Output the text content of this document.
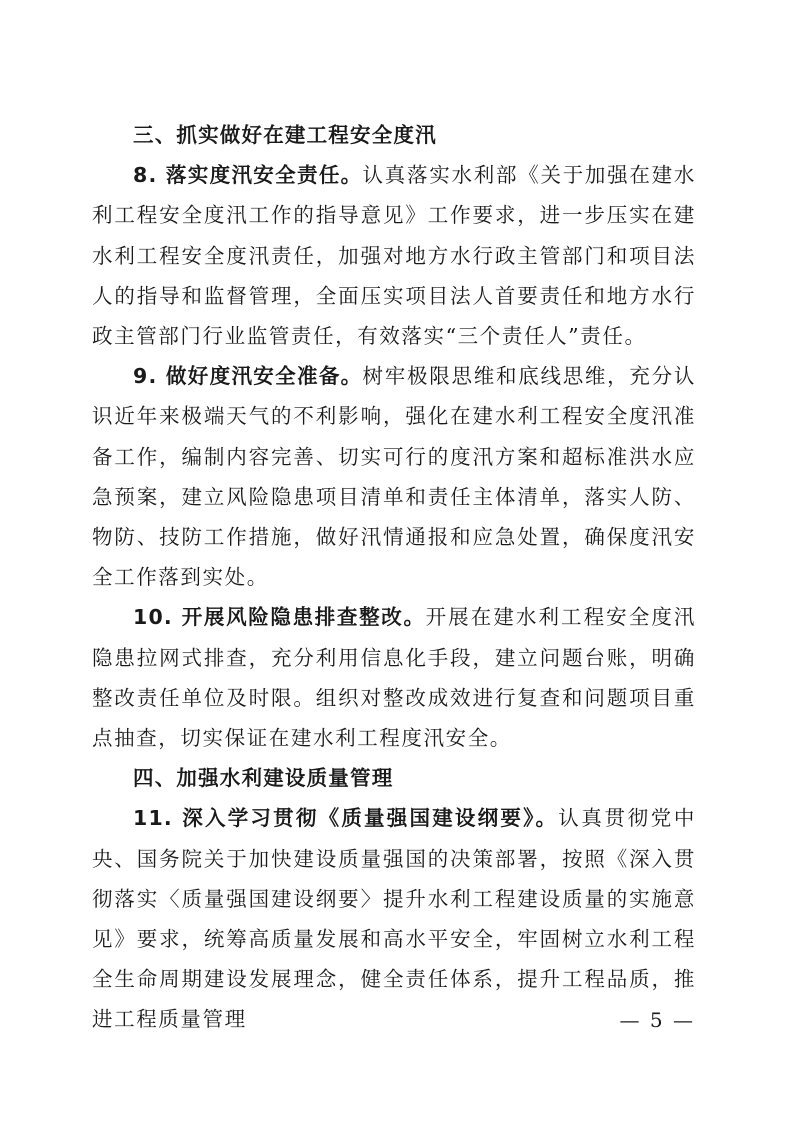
三、抓实做好在建工程安全度汛

8. 落实度汛安全责任。认真落实水利部《关于加强在建水利工程安全度汛工作的指导意见》工作要求，进一步压实在建水利工程安全度汛责任，加强对地方水行政主管部门和项目法人的指导和监督管理，全面压实项目法人首要责任和地方水行政主管部门行业监管责任，有效落实“三个责任人”责任。

9. 做好度汛安全准备。树牢极限思维和底线思维，充分认识近年来极端天气的不利影响，强化在建水利工程安全度汛准备工作，编制内容完善、切实可行的度汛方案和超标准洪水应急预案，建立风险隐患项目清单和责任主体清单，落实人防、物防、技防工作措施，做好汛情通报和应急处置，确保度汛安全工作落到实处。

10. 开展风险隐患排查整改。开展在建水利工程安全度汛隐患拉网式排查，充分利用信息化手段，建立问题台账，明确整改责任单位及时限。组织对整改成效进行复查和问题项目重点抽查，切实保证在建水利工程度汛安全。

四、加强水利建设质量管理

11. 深入学习贯彻《质量强国建设纲要》。认真贯彻党中央、国务院关于加快建设质量强国的决策部署，按照《深入贯彻落实〈质量强国建设纲要〉提升水利工程建设质量的实施意见》要求，统筹高质量发展和高水平安全，牢固树立水利工程全生命周期建设发展理念，健全责任体系，提升工程品质，推进工程质量管理	— 5 —
